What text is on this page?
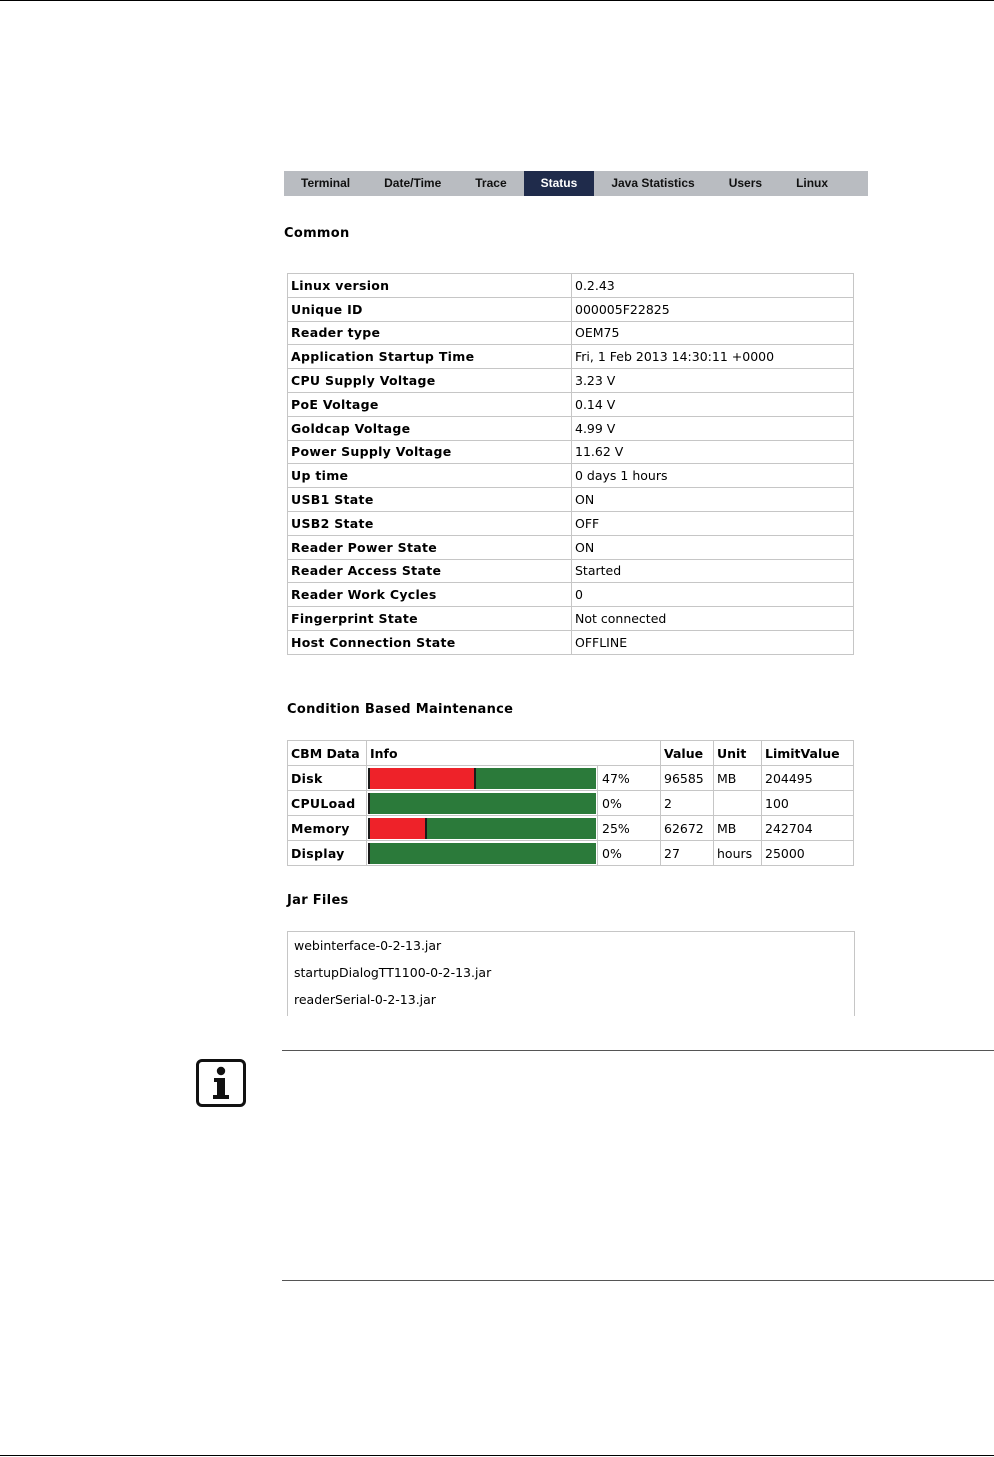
Terminal	Date/Time	Trace	Status	Java Statistics	Users	Linux
Common
Linux version	0.2.43
Unique ID	000005F22825
Reader type	OEM75
Application Startup Time	Fri, 1 Feb 2013 14:30:11 +0000
CPU Supply Voltage	3.23 V
PoE Voltage	0.14 V
Goldcap Voltage	4.99 V
Power Supply Voltage	11.62 V
Up time	0 days 1 hours
USB1 State	ON
USB2 State	OFF
Reader Power State	ON
Reader Access State	Started
Reader Work Cycles	0
Fingerprint State	Not connected
Host Connection State	OFFLINE
Condition Based Maintenance
CBM Data	Info		Value	Unit	LimitValue
Disk		47%	96585	MB	204495
CPULoad		0%	2		100
Memory		25%	62672	MB	242704
Display		0%	27	hours	25000
Jar Files
webinterface-0-2-13.jar
startupDialogTT1100-0-2-13.jar
readerSerial-0-2-13.jar
